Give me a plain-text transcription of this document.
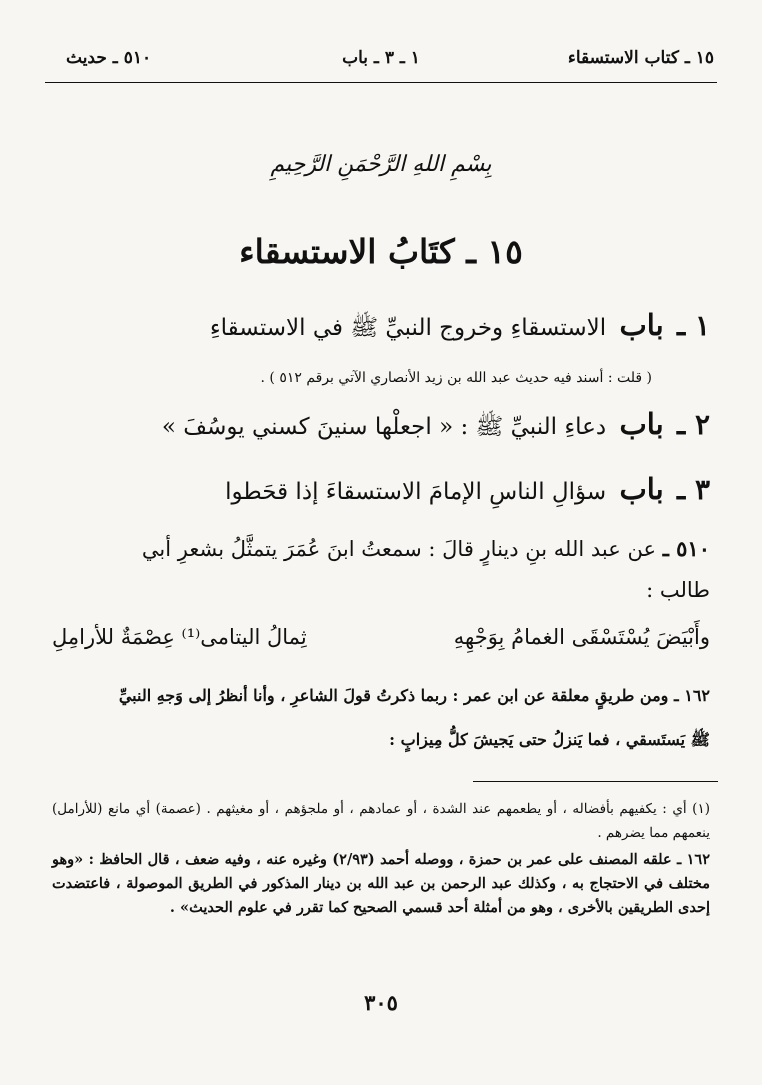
١٥ ـ كتاب الاستسقاء
١ ـ ٣ ـ باب
٥١٠ ـ حديث
بِسْمِ اللهِ الرَّحْمَنِ الرَّحِيمِ
١٥ ـ كتَابُ الاستسقاء
١ ـ باب الاستسقاءِ وخروج النبيِّ ﷺ في الاستسقاءِ
( قلت : أسند فيه حديث عبد الله بن زيد الأنصاري الآتي برقم ٥١٢ ) .
٢ ـ باب دعاءِ النبيِّ ﷺ : « اجعلْها سنينَ كسني يوسُفَ »
٣ ـ باب سؤالِ الناسِ الإمامَ الاستسقاءَ إذا قحَطوا
٥١٠ ـ عن عبد الله بنِ دينارٍ قالَ : سمعتُ ابنَ عُمَرَ يتمثَّلُ بشعرِ أبي
طالب :
وأَبْيَضَ يُسْتَسْقَى الغمامُ بِوَجْهِهِ
ثِمالُ اليتامى⁽¹⁾ عِصْمَةٌ للأرامِلِ
١٦٢ ـ ومن طريقٍ معلقة عن ابن عمر : ربما ذكرتُ قولَ الشاعرِ ، وأنا أنظرُ إلى وَجهِ النبيِّ
ﷺ يَستَسقي ، فما يَنزلُ حتى يَجيشَ كلُّ مِيزابٍ :
(١) أي : يكفيهم بأفضاله ، أو يطعمهم عند الشدة ، أو عمادهم ، أو ملجؤهم ، أو مغيثهم . (عصمة) أي مانع (للأرامل) ينعمهم مما يضرهم .
١٦٢ ـ علقه المصنف على عمر بن حمزة ، ووصله أحمد (٢/٩٣) وغيره عنه ، وفيه ضعف ، قال الحافظ : «وهو مختلف في الاحتجاج به ، وكذلك عبد الرحمن بن عبد الله بن دينار المذكور في الطريق الموصولة ، فاعتضدت إحدى الطريقين بالأخرى ، وهو من أمثلة أحد قسمي الصحيح كما تقرر في علوم الحديث» .
٣٠٥
